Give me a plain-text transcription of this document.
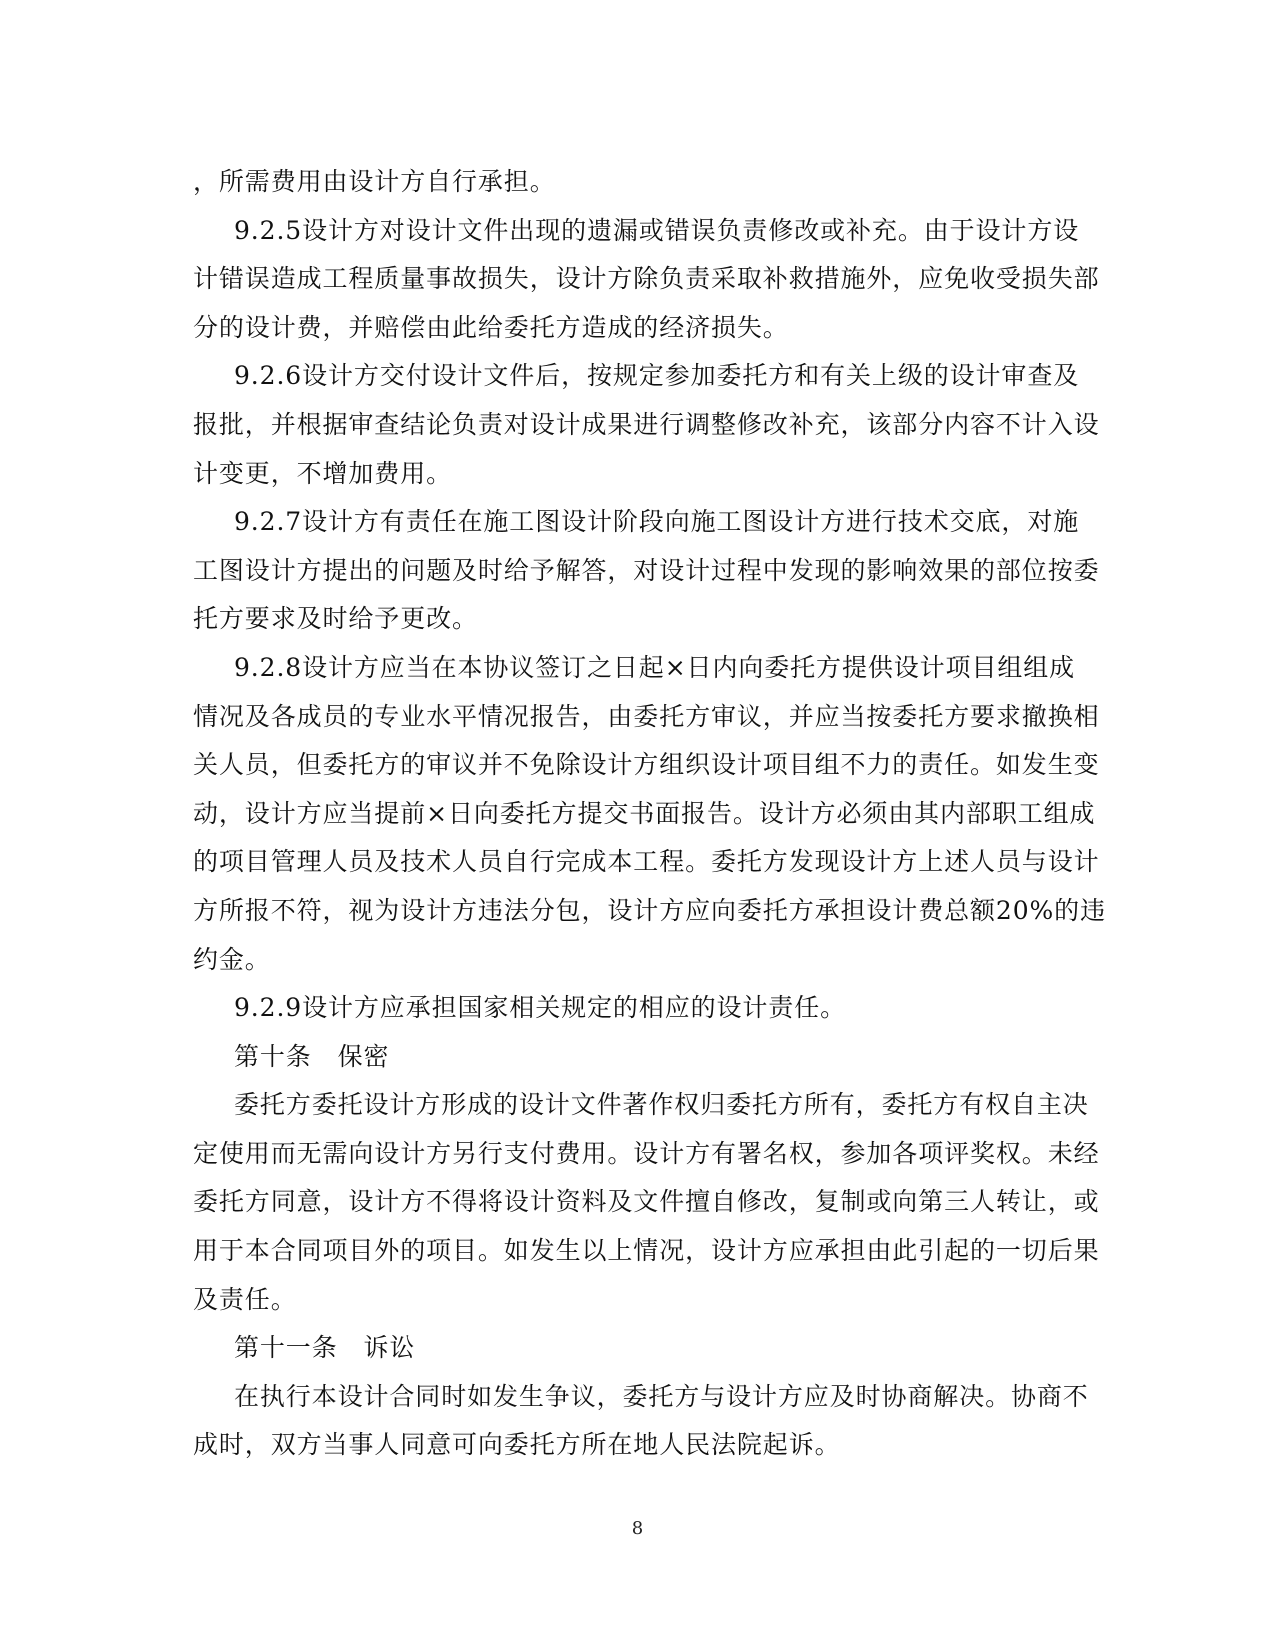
，所需费用由设计方自行承担。
9.2.5设计方对设计文件出现的遗漏或错误负责修改或补充。由于设计方设
计错误造成工程质量事故损失，设计方除负责采取补救措施外，应免收受损失部
分的设计费，并赔偿由此给委托方造成的经济损失。
9.2.6设计方交付设计文件后，按规定参加委托方和有关上级的设计审查及
报批，并根据审查结论负责对设计成果进行调整修改补充，该部分内容不计入设
计变更，不增加费用。
9.2.7设计方有责任在施工图设计阶段向施工图设计方进行技术交底，对施
工图设计方提出的问题及时给予解答，对设计过程中发现的影响效果的部位按委
托方要求及时给予更改。
9.2.8设计方应当在本协议签订之日起×日内向委托方提供设计项目组组成
情况及各成员的专业水平情况报告，由委托方审议，并应当按委托方要求撤换相
关人员，但委托方的审议并不免除设计方组织设计项目组不力的责任。如发生变
动，设计方应当提前×日向委托方提交书面报告。设计方必须由其内部职工组成
的项目管理人员及技术人员自行完成本工程。委托方发现设计方上述人员与设计
方所报不符，视为设计方违法分包，设计方应向委托方承担设计费总额20%的违
约金。
9.2.9设计方应承担国家相关规定的相应的设计责任。
第十条　保密
委托方委托设计方形成的设计文件著作权归委托方所有，委托方有权自主决
定使用而无需向设计方另行支付费用。设计方有署名权，参加各项评奖权。未经
委托方同意，设计方不得将设计资料及文件擅自修改，复制或向第三人转让，或
用于本合同项目外的项目。如发生以上情况，设计方应承担由此引起的一切后果
及责任。
第十一条　诉讼
在执行本设计合同时如发生争议，委托方与设计方应及时协商解决。协商不
成时，双方当事人同意可向委托方所在地人民法院起诉。
8
